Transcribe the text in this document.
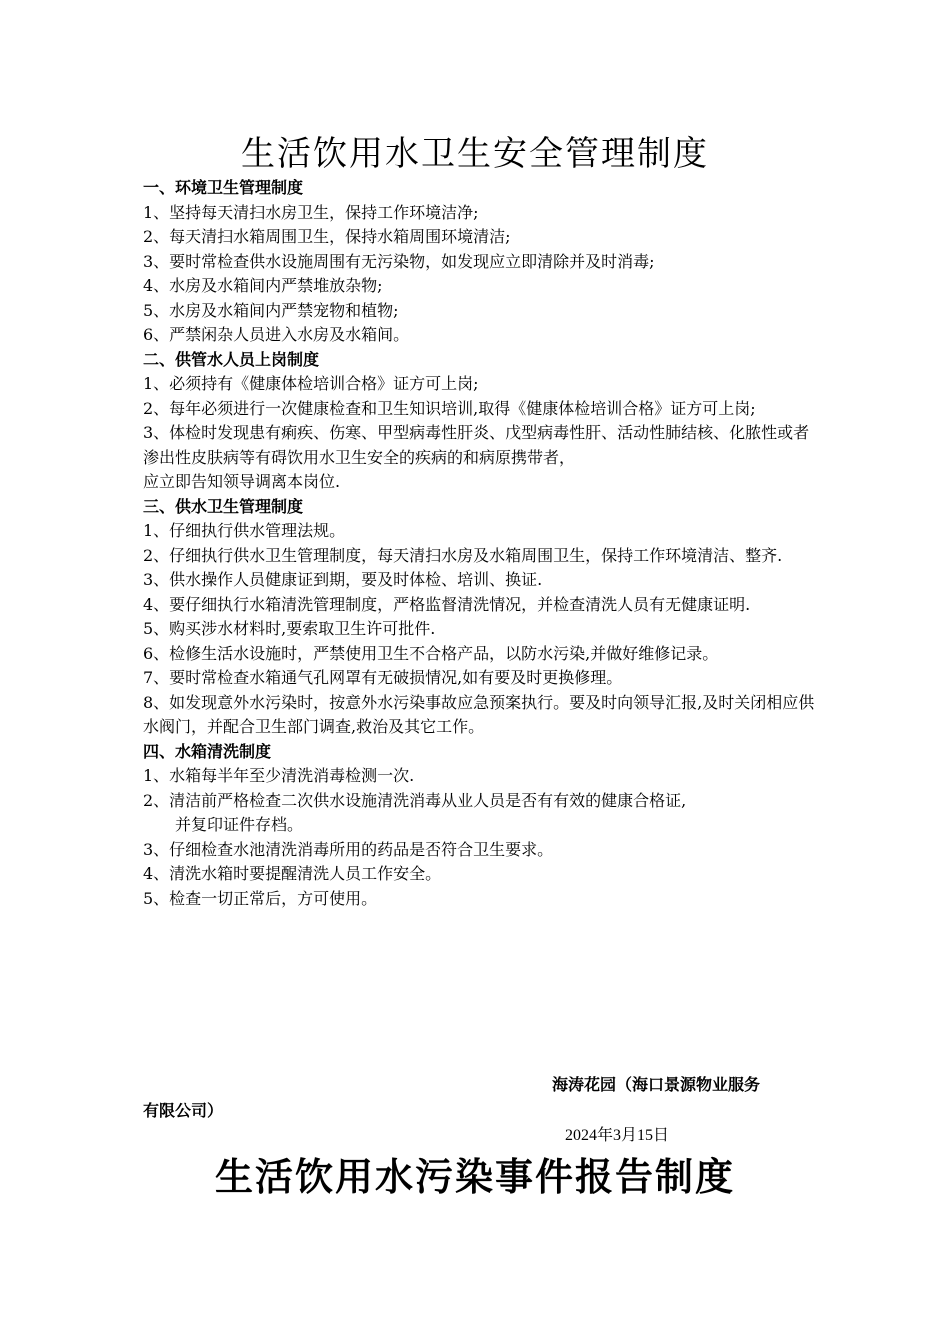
生活饮用水卫生安全管理制度

一、环境卫生管理制度

1、坚持每天清扫水房卫生，保持工作环境洁净;

2、每天清扫水箱周围卫生，保持水箱周围环境清洁;

3、要时常检查供水设施周围有无污染物，如发现应立即清除并及时消毒;

4、水房及水箱间内严禁堆放杂物;

5、水房及水箱间内严禁宠物和植物;

6、严禁闲杂人员进入水房及水箱间。

二、供管水人员上岗制度

1、必须持有《健康体检培训合格》证方可上岗;

2、每年必须进行一次健康检查和卫生知识培训,取得《健康体检培训合格》证方可上岗;

3、体检时发现患有痢疾、伤寒、甲型病毒性肝炎、戊型病毒性肝、活动性肺结核、化脓性或者渗出性皮肤病等有碍饮用水卫生安全的疾病的和病原携带者，

应立即告知领导调离本岗位.

三、供水卫生管理制度

1、仔细执行供水管理法规。

2、仔细执行供水卫生管理制度，每天清扫水房及水箱周围卫生，保持工作环境清洁、整齐.

3、供水操作人员健康证到期，要及时体检、培训、换证.

4、要仔细执行水箱清洗管理制度，严格监督清洗情况，并检查清洗人员有无健康证明.

5、购买涉水材料时,要索取卫生许可批件.

6、检修生活水设施时，严禁使用卫生不合格产品，以防水污染,并做好维修记录。

7、要时常检查水箱通气孔网罩有无破损情况,如有要及时更换修理。

8、如发现意外水污染时，按意外水污染事故应急预案执行。要及时向领导汇报,及时关闭相应供水阀门，并配合卫生部门调查,救治及其它工作。

四、水箱清洗制度

1、水箱每半年至少清洗消毒检测一次.

2、清洁前严格检查二次供水设施清洗消毒从业人员是否有有效的健康合格证,

并复印证件存档。

3、仔细检查水池清洗消毒所用的药品是否符合卫生要求。

4、清洗水箱时要提醒清洗人员工作安全。

5、检查一切正常后，方可使用。

海涛花园（海口景源物业服务
有限公司）
2024年3月15日
生活饮用水污染事件报告制度
